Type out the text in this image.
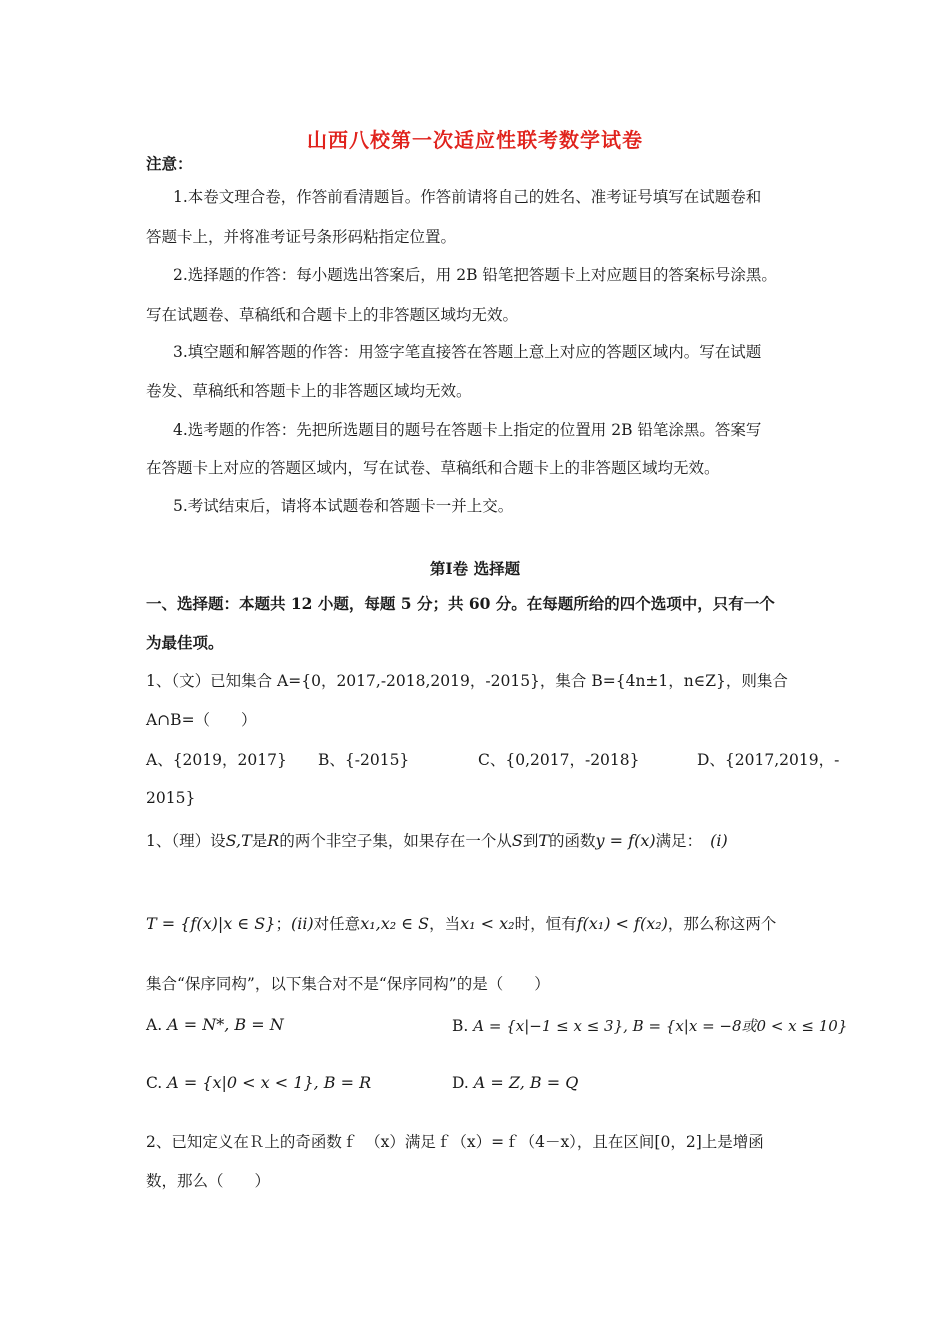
山西八校第一次适应性联考数学试卷
注意：
1.本卷文理合卷，作答前看清题旨。作答前请将自己的姓名、准考证号填写在试题卷和
答题卡上，并将准考证号条形码粘指定位置。
2.选择题的作答：每小题选出答案后，用 2B 铅笔把答题卡上对应题目的答案标号涂黑。
写在试题卷、草稿纸和合题卡上的非答题区域均无效。
3.填空题和解答题的作答：用签字笔直接答在答题上意上对应的答题区域内。写在试题
卷发、草稿纸和答题卡上的非答题区域均无效。
4.选考题的作答：先把所选题目的题号在答题卡上指定的位置用 2B 铅笔涂黑。答案写
在答题卡上对应的答题区域内，写在试卷、草稿纸和合题卡上的非答题区域均无效。
5.考试结束后，请将本试题卷和答题卡一并上交。
第Ⅰ卷 选择题
一、选择题：本题共 12 小题，每题 5 分；共 60 分。在每题所给的四个选项中，只有一个
为最佳项。
1、（文）已知集合 A={0，2017,-2018,2019，-2015}，集合 B={4n±1，n∈Z}，则集合
A∩B=（　　）
A、{2019，2017} B、{-2015}	C、{0,2017，-2018}	D、{2017,2019，-
2015}
1、（理）设S,T是R的两个非空子集，如果存在一个从S到T的函数y = f(x)满足： (i)
T = {f(x)|x ∈ S}；(ii)对任意x₁,x₂ ∈ S，当x₁ < x₂时，恒有f(x₁) < f(x₂)，那么称这两个
集合“保序同构”，以下集合对不是“保序同构”的是（　　）
A. A = N*, B = N	B. A = {x|−1 ≤ x ≤ 3}, B = {x|x = −8或0 < x ≤ 10}
C. A = {x|0 < x < 1}, B = R	D. A = Z, B = Q
2、已知定义在Ｒ上的奇函数ｆ　（x）满足ｆ（x）=ｆ（4－x），且在区间[0，2]上是增函
数，那么（　　）
